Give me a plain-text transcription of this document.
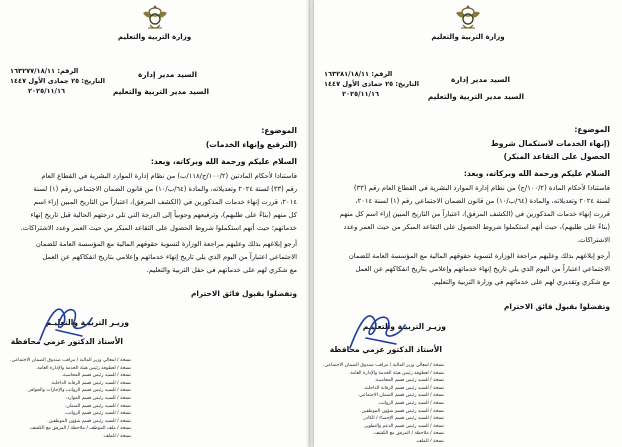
وزارة التربية والتعليم
الرقم: ١٦٣٢٧٧/١٨/١١
التاريخ: ٢٥ جمادى الأول ١٤٤٧
٢٠٢٥/١١/١٦
السيد مدير إدارة
السيد مدير التربية والتعليم
الموضوع:
(الترفيع وإنهاء الخدمات)
السلام عليكم ورحمة الله وبركاته، وبعد:
فاستنادا لأحكام المادتين (١٠٠/٢/ج/١١٨/ب) من نظام إدارة الموارد البشرية في القطاع العام
رقم (٣٣) لسنة ٢٠٢٤ وتعديلاته، والمادة (٦٤/ب/١٠) من قانون الضمان الاجتماعي رقم (١) لسنة
٢٠١٤، قررت إنهاء خدمات المذكورين في (الكشف المرفق)، اعتباراً من التاريخ المبين إزاء اسم
كل منهم (بناءً على طلبهم)، وترفيعهم وجوبياً إلى الدرجة التي تلي درجتهم الحالية قبل تاريخ إنهاء
خدماتهم؛ حيث أنهم استكملوا شروط الحصول على التقاعد المبكر من حيث العمر وعدد الاشتراكات.
أرجو إبلاغهم بذلك وعليهم مراجعة الوزارة لتسوية حقوقهم المالية مع المؤسسة العامة للضمان
الاجتماعي اعتباراً من اليوم الذي يلي تاريخ إنهاء خدماتهم وإعلامي بتاريخ انفكاكهم عن العمل
مع شكري لهم على خدماتهم في حقل التربية والتعليم.
وتفضلوا بقبول فائق الاحترام
وزيـر التربيـة والتعليـم
الأستاذ الدكتور عزمي محافظة
نسخة / لمعالي وزير المالية / مراقب صندوق الضمان الاجتماعي.
نسخة / لعطوفة رئيس هيئة الخدمة والإدارة العامة.
نسخة / للسيد رئيس قسم المحاسبة.
نسخة / للسيد رئيس قسم الرقابة الداخلية.
نسخة / للسيد رئيس قسم الرواتب والإجازات والحوافز.
نسخة / للسيد رئيس قسم الموارد.
نسخة / للسيد رئيس قسم الضمان.
نسخة / للسيد رئيس قسم الرواتب.
نسخة / للسيد رئيس قسم شؤون الموظفين.
نسخة / ملف الموظف / ملاحظة / المرفق مع الكشف.
نسخة / للملف.
وزارة التربية والتعليم
الرقم: ١٦٣٢٨١/١٨/١١
التاريخ: ٢٥ جمادى الأول ١٤٤٧
٢٠٢٥/١١/١٦
السيد مدير إدارة
السيد مدير التربية والتعليم
الموضوع:
(إنهاء الخدمات لاستكمال شروط
الحصول على التقاعد المبكر)
السلام عليكم ورحمة الله وبركاته، وبعد:
فاستنادا لأحكام المادة (١٠٠/٢/ج) من نظام إدارة الموارد البشرية في القطاع العام رقم (٣٣)
لسنة ٢٠٢٤ وتعديلاته، والمادة (٦٤/ب/١٠) من قانون الضمان الاجتماعي رقم (١) لسنة ٢٠١٤،
قررت إنهاء خدمات المذكورين في (الكشف المرفق)، اعتباراً من التاريخ المبين إزاء اسم كل منهم
(بناءً على طلبهم)، حيث أنهم استكملوا شروط الحصول على التقاعد المبكر من حيث العمر وعدد
الاشتراكات.
أرجو إبلاغهم بذلك وعليهم مراجعة الوزارة لتسوية حقوقهم المالية مع المؤسسة العامة للضمان
الاجتماعي اعتباراً من اليوم الذي يلي تاريخ إنهاء خدماتهم وإعلامي بتاريخ انفكاكهم عن العمل
مع شكري وتقديري لهم على خدماتهم في وزارة التربية والتعليم.
وتفضلوا بقبول فائق الاحترام
وزيـر التربيـة والتعليـم
الأستاذ الدكتور عزمي محافظة
نسخة / لمعالي وزير المالية / مراقب صندوق الضمان الاجتماعي.
نسخة / لعطوفة رئيس هيئة الخدمة والإدارة العامة.
نسخة / للسيد رئيس قسم المحاسبة.
نسخة / للسيد رئيس قسم الرقابة الداخلية.
نسخة / للسيد رئيس قسم الضمان الاجتماعي.
نسخة / للسيد رئيس قسم الرواتب.
نسخة / للسيد رئيس قسم شؤون الموظفين.
نسخة / للسيد رئيس قسم الإحصاء / الكادر.
نسخة / للسيد رئيس قسم الدعم والتطوير.
نسخة / ملاحظة / المرفق مع الكشف.
نسخة / للملف.
